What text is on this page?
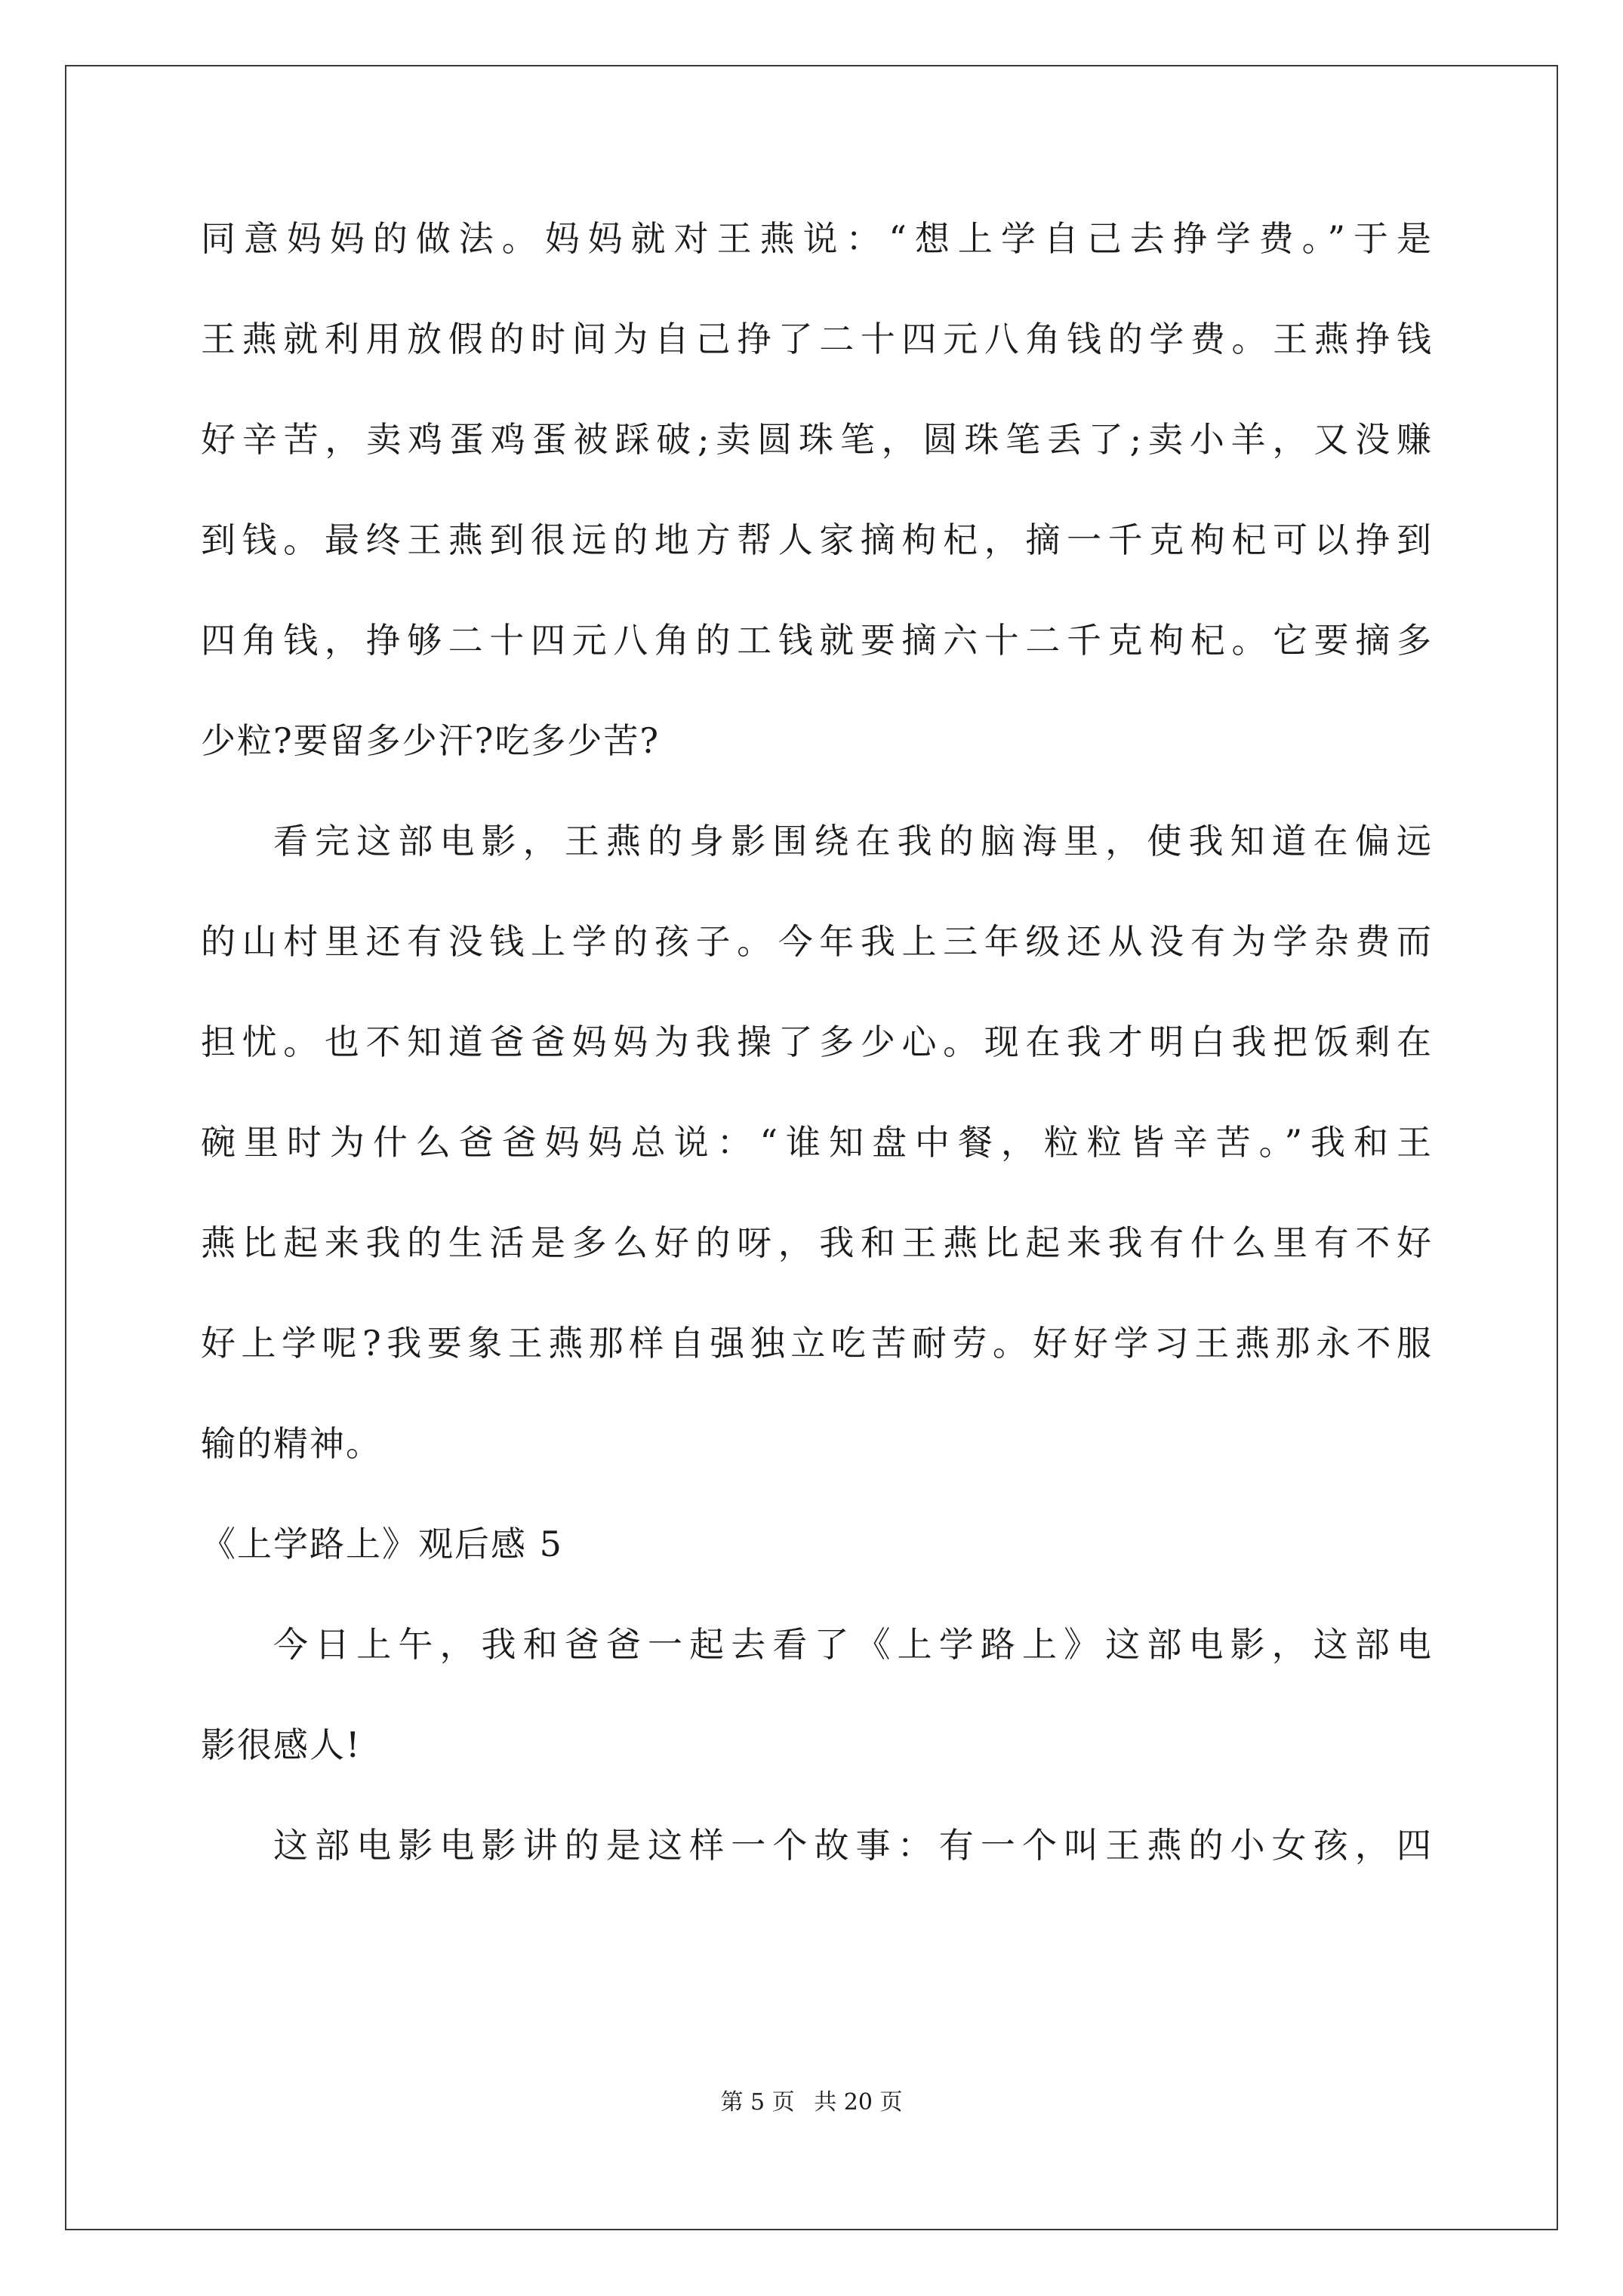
同意妈妈的做法。妈妈就对王燕说：“想上学自己去挣学费。”于是
王燕就利用放假的时间为自己挣了二十四元八角钱的学费。王燕挣钱
好辛苦，卖鸡蛋鸡蛋被踩破;卖圆珠笔，圆珠笔丢了;卖小羊，又没赚
到钱。最终王燕到很远的地方帮人家摘枸杞，摘一千克枸杞可以挣到
四角钱，挣够二十四元八角的工钱就要摘六十二千克枸杞。它要摘多
少粒?要留多少汗?吃多少苦?
看完这部电影，王燕的身影围绕在我的脑海里，使我知道在偏远
的山村里还有没钱上学的孩子。今年我上三年级还从没有为学杂费而
担忧。也不知道爸爸妈妈为我操了多少心。现在我才明白我把饭剩在
碗里时为什么爸爸妈妈总说：“谁知盘中餐，粒粒皆辛苦。”我和王
燕比起来我的生活是多么好的呀，我和王燕比起来我有什么里有不好
好上学呢?我要象王燕那样自强独立吃苦耐劳。好好学习王燕那永不服
输的精神。
《上学路上》观后感 5
今日上午，我和爸爸一起去看了《上学路上》这部电影，这部电
影很感人!
这部电影电影讲的是这样一个故事：有一个叫王燕的小女孩，四
第 5 页 共 20 页
